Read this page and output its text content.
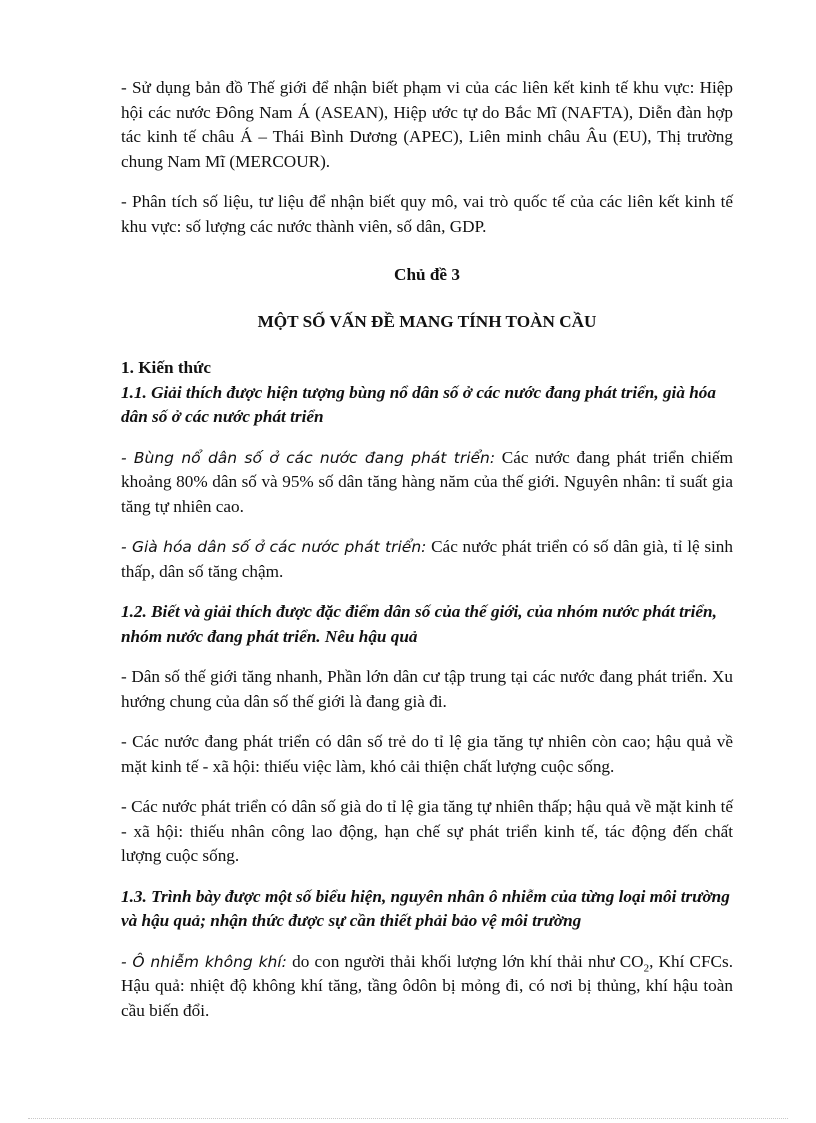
- Sử dụng bản đồ Thế giới để nhận biết phạm vi của các liên kết kinh tế khu vực: Hiệp hội các nước Đông Nam Á (ASEAN), Hiệp ước tự do Bắc Mĩ (NAFTA), Diễn đàn hợp tác kinh tế châu Á – Thái Bình Dương (APEC), Liên minh châu Âu (EU), Thị trường chung Nam Mĩ (MERCOUR).

- Phân tích số liệu, tư liệu để nhận biết quy mô, vai trò quốc tế của các liên kết kinh tế khu vực: số lượng các nước thành viên, số dân, GDP.

Chủ đề 3

MỘT SỐ VẤN ĐỀ MANG TÍNH TOÀN CẦU

1. Kiến thức

1.1. Giải thích được hiện tượng bùng nổ dân số ở các nước đang phát triển, già hóa dân số ở các nước phát triển

- Bùng nổ dân số ở các nước đang phát triển: Các nước đang phát triển chiếm khoảng 80% dân số và 95% số dân tăng hàng năm của thế giới. Nguyên nhân: tỉ suất gia tăng tự nhiên cao.

- Già hóa dân số ở các nước phát triển: Các nước phát triển có số dân già, tỉ lệ sinh thấp, dân số tăng chậm.

1.2. Biết và giải thích được đặc điểm dân số của thế giới, của nhóm nước phát triển, nhóm nước đang phát triển. Nêu hậu quả

- Dân số thế giới tăng nhanh, Phần lớn dân cư tập trung tại các nước đang phát triển. Xu hướng chung của dân số thế giới là đang già đi.

- Các nước đang phát triển có dân số trẻ do tỉ lệ gia tăng tự nhiên còn cao; hậu quả về mặt kinh tế - xã hội: thiếu việc làm, khó cải thiện chất lượng cuộc sống.

- Các nước phát triển có dân số già do tỉ lệ gia tăng tự nhiên thấp; hậu quả về mặt kinh tế - xã hội: thiếu nhân công lao động, hạn chế sự phát triển kinh tế, tác động đến chất lượng cuộc sống.

1.3. Trình bày được một số biểu hiện, nguyên nhân ô nhiễm của từng loại môi trường và hậu quả; nhận thức được sự cần thiết phải bảo vệ môi trường

- Ô nhiễm không khí: do con người thải khối lượng lớn khí thải như $CO_2$, Khí CFCs. Hậu quả: nhiệt độ không khí tăng, tầng ôdôn bị mỏng đi, có nơi bị thủng, khí hậu toàn cầu biến đổi.
